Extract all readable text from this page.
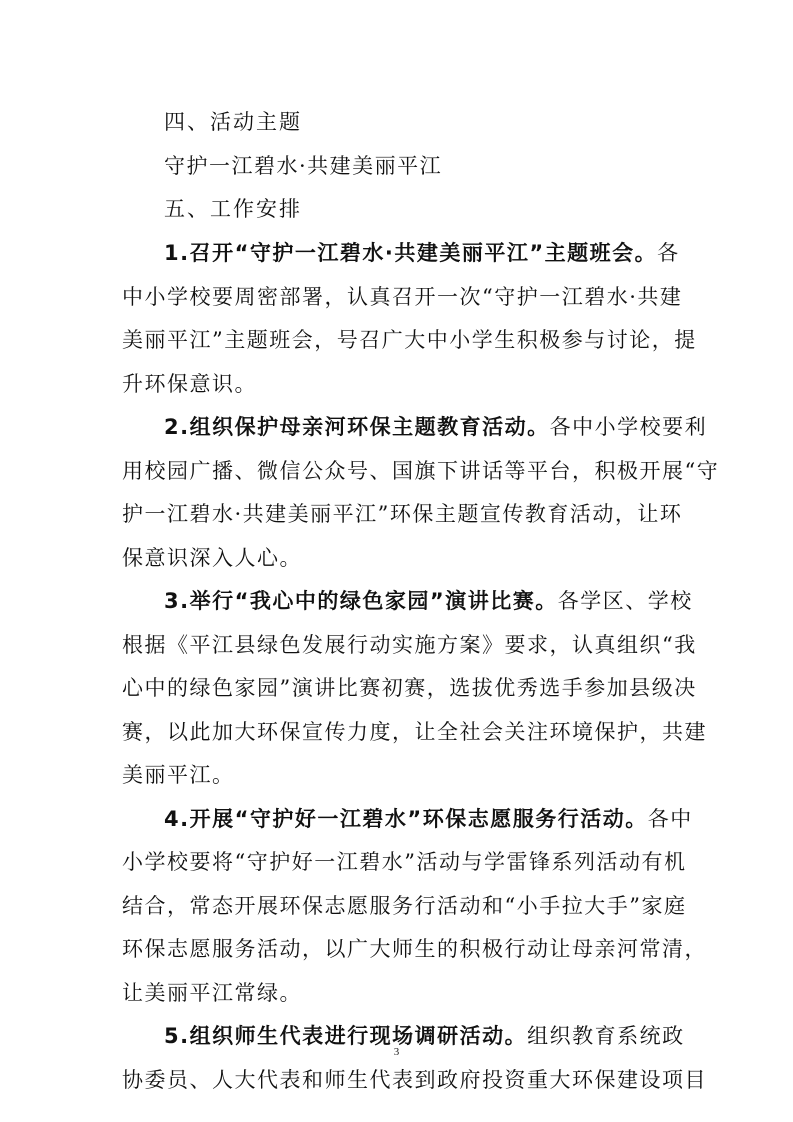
四、活动主题
守护一江碧水·共建美丽平江
五、工作安排
1.召开“守护一江碧水·共建美丽平江”主题班会。各
中小学校要周密部署，认真召开一次“守护一江碧水·共建
美丽平江”主题班会，号召广大中小学生积极参与讨论，提
升环保意识。
2.组织保护母亲河环保主题教育活动。各中小学校要利
用校园广播、微信公众号、国旗下讲话等平台，积极开展“守
护一江碧水·共建美丽平江”环保主题宣传教育活动，让环
保意识深入人心。
3.举行“我心中的绿色家园”演讲比赛。各学区、学校
根据《平江县绿色发展行动实施方案》要求，认真组织“我
心中的绿色家园”演讲比赛初赛，选拔优秀选手参加县级决
赛，以此加大环保宣传力度，让全社会关注环境保护，共建
美丽平江。
4.开展“守护好一江碧水”环保志愿服务行活动。各中
小学校要将“守护好一江碧水”活动与学雷锋系列活动有机
结合，常态开展环保志愿服务行活动和“小手拉大手”家庭
环保志愿服务活动，以广大师生的积极行动让母亲河常清，
让美丽平江常绿。
5.组织师生代表进行现场调研活动。组织教育系统政
协委员、人大代表和师生代表到政府投资重大环保建设项目
3
